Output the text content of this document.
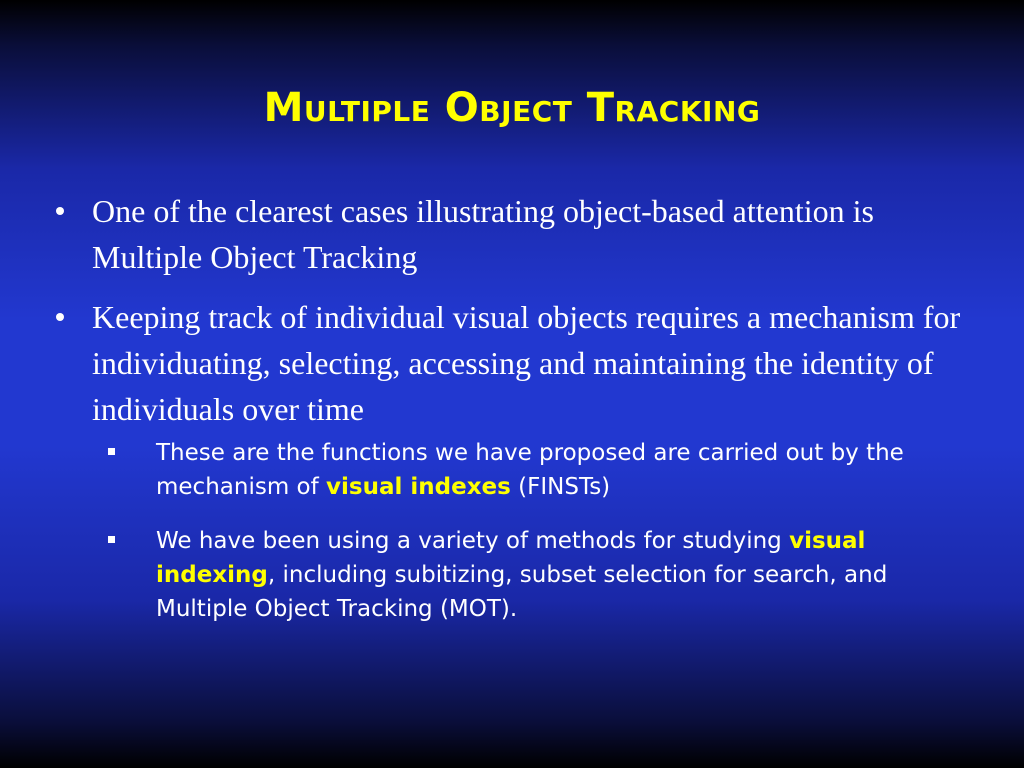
Multiple Object Tracking
One of the clearest cases illustrating object-based attention is Multiple Object Tracking
Keeping track of individual visual objects requires a mechanism for individuating, selecting, accessing and maintaining the identity of individuals over time
These are the functions we have proposed are carried out by the mechanism of visual indexes (FINSTs)
We have been using a variety of methods for studying visual indexing, including subitizing, subset selection for search, and Multiple Object Tracking (MOT).
